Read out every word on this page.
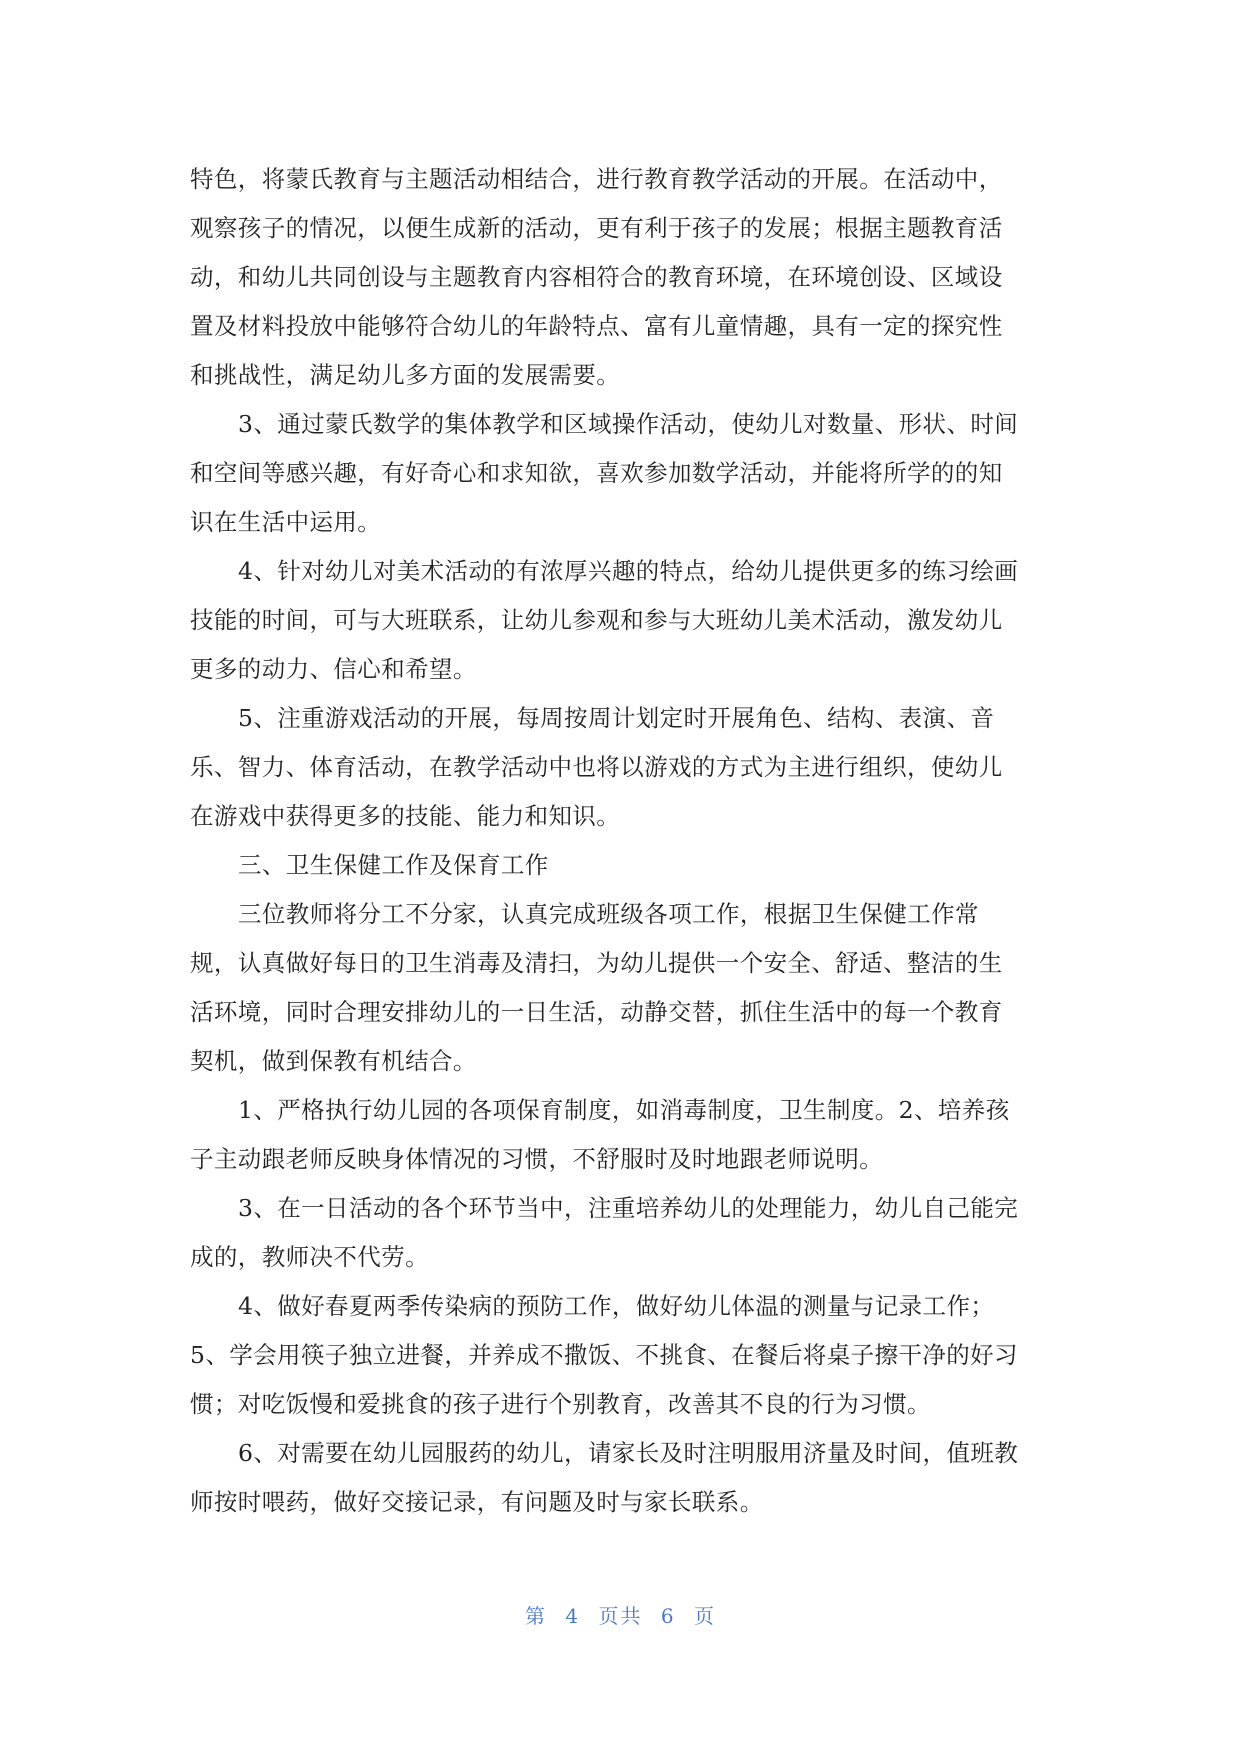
特色，将蒙氏教育与主题活动相结合，进行教育教学活动的开展。在活动中，
观察孩子的情况，以便生成新的活动，更有利于孩子的发展；根据主题教育活
动，和幼儿共同创设与主题教育内容相符合的教育环境，在环境创设、区域设
置及材料投放中能够符合幼儿的年龄特点、富有儿童情趣，具有一定的探究性
和挑战性，满足幼儿多方面的发展需要。
3、通过蒙氏数学的集体教学和区域操作活动，使幼儿对数量、形状、时间
和空间等感兴趣，有好奇心和求知欲，喜欢参加数学活动，并能将所学的的知
识在生活中运用。
4、针对幼儿对美术活动的有浓厚兴趣的特点，给幼儿提供更多的练习绘画
技能的时间，可与大班联系，让幼儿参观和参与大班幼儿美术活动，激发幼儿
更多的动力、信心和希望。
5、注重游戏活动的开展，每周按周计划定时开展角色、结构、表演、音
乐、智力、体育活动，在教学活动中也将以游戏的方式为主进行组织，使幼儿
在游戏中获得更多的技能、能力和知识。
三、卫生保健工作及保育工作
三位教师将分工不分家，认真完成班级各项工作，根据卫生保健工作常
规，认真做好每日的卫生消毒及清扫，为幼儿提供一个安全、舒适、整洁的生
活环境，同时合理安排幼儿的一日生活，动静交替，抓住生活中的每一个教育
契机，做到保教有机结合。
1、严格执行幼儿园的各项保育制度，如消毒制度，卫生制度。2、培养孩
子主动跟老师反映身体情况的习惯，不舒服时及时地跟老师说明。
3、在一日活动的各个环节当中，注重培养幼儿的处理能力，幼儿自己能完
成的，教师决不代劳。
4、做好春夏两季传染病的预防工作，做好幼儿体温的测量与记录工作；
5、学会用筷子独立进餐，并养成不撒饭、不挑食、在餐后将桌子擦干净的好习
惯；对吃饭慢和爱挑食的孩子进行个别教育，改善其不良的行为习惯。
6、对需要在幼儿园服药的幼儿，请家长及时注明服用济量及时间，值班教
师按时喂药，做好交接记录，有问题及时与家长联系。
第 4 页共 6 页
